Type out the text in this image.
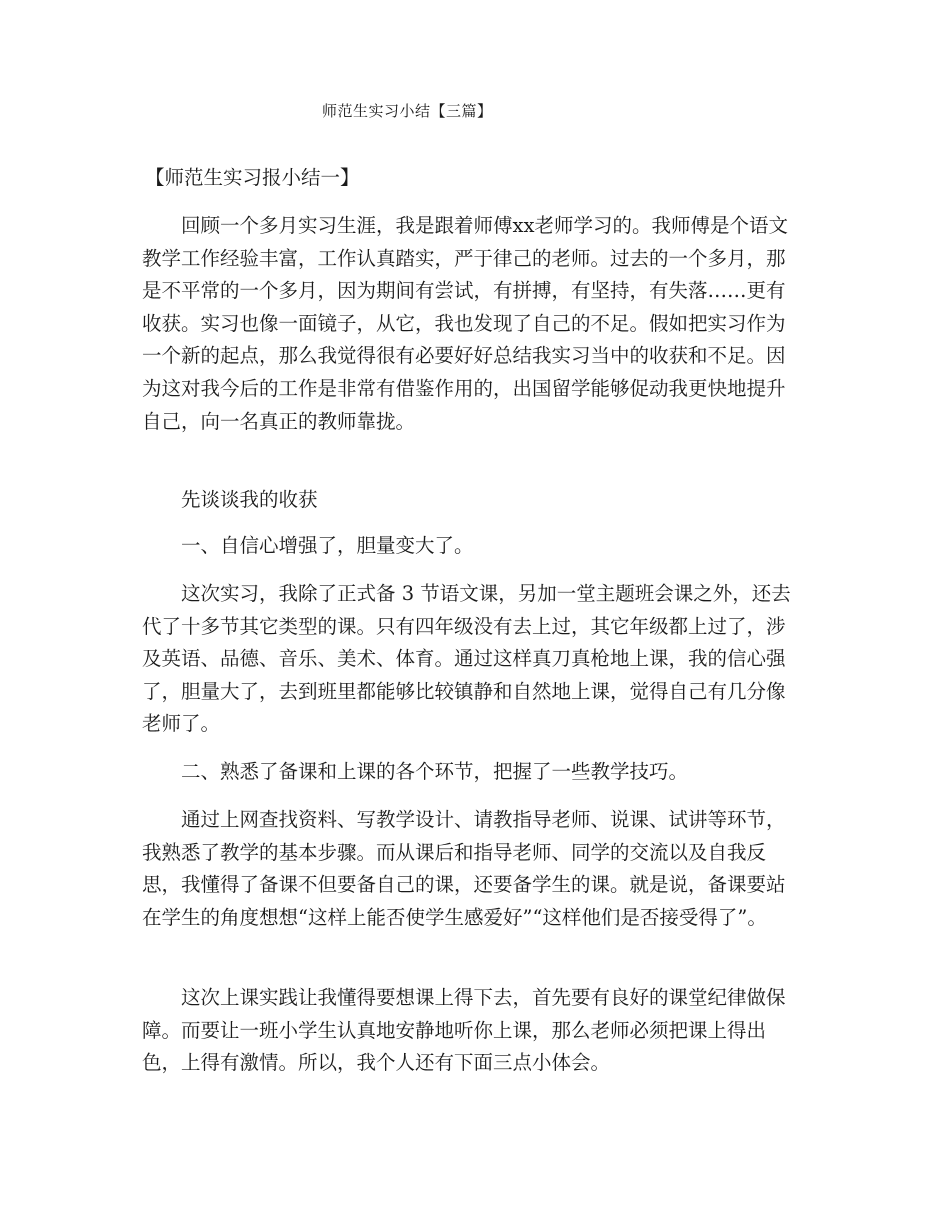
师范生实习小结【三篇】
【师范生实习报小结一】

回顾一个多月实习生涯，我是跟着师傅xx老师学习的。我师傅是个语文教学工作经验丰富，工作认真踏实，严于律己的老师。过去的一个多月，那是不平常的一个多月，因为期间有尝试，有拼搏，有坚持，有失落……更有收获。实习也像一面镜子，从它，我也发现了自己的不足。假如把实习作为一个新的起点，那么我觉得很有必要好好总结我实习当中的收获和不足。因为这对我今后的工作是非常有借鉴作用的，出国留学能够促动我更快地提升自己，向一名真正的教师靠拢。

先谈谈我的收获

一、自信心增强了，胆量变大了。

这次实习，我除了正式备 3 节语文课，另加一堂主题班会课之外，还去代了十多节其它类型的课。只有四年级没有去上过，其它年级都上过了，涉及英语、品德、音乐、美术、体育。通过这样真刀真枪地上课，我的信心强了，胆量大了，去到班里都能够比较镇静和自然地上课，觉得自己有几分像老师了。

二、熟悉了备课和上课的各个环节，把握了一些教学技巧。

通过上网查找资料、写教学设计、请教指导老师、说课、试讲等环节，我熟悉了教学的基本步骤。而从课后和指导老师、同学的交流以及自我反思，我懂得了备课不但要备自己的课，还要备学生的课。就是说，备课要站在学生的角度想想“这样上能否使学生感爱好”“这样他们是否接受得了”。

这次上课实践让我懂得要想课上得下去，首先要有良好的课堂纪律做保障。而要让一班小学生认真地安静地听你上课，那么老师必须把课上得出色，上得有激情。所以，我个人还有下面三点小体会。
